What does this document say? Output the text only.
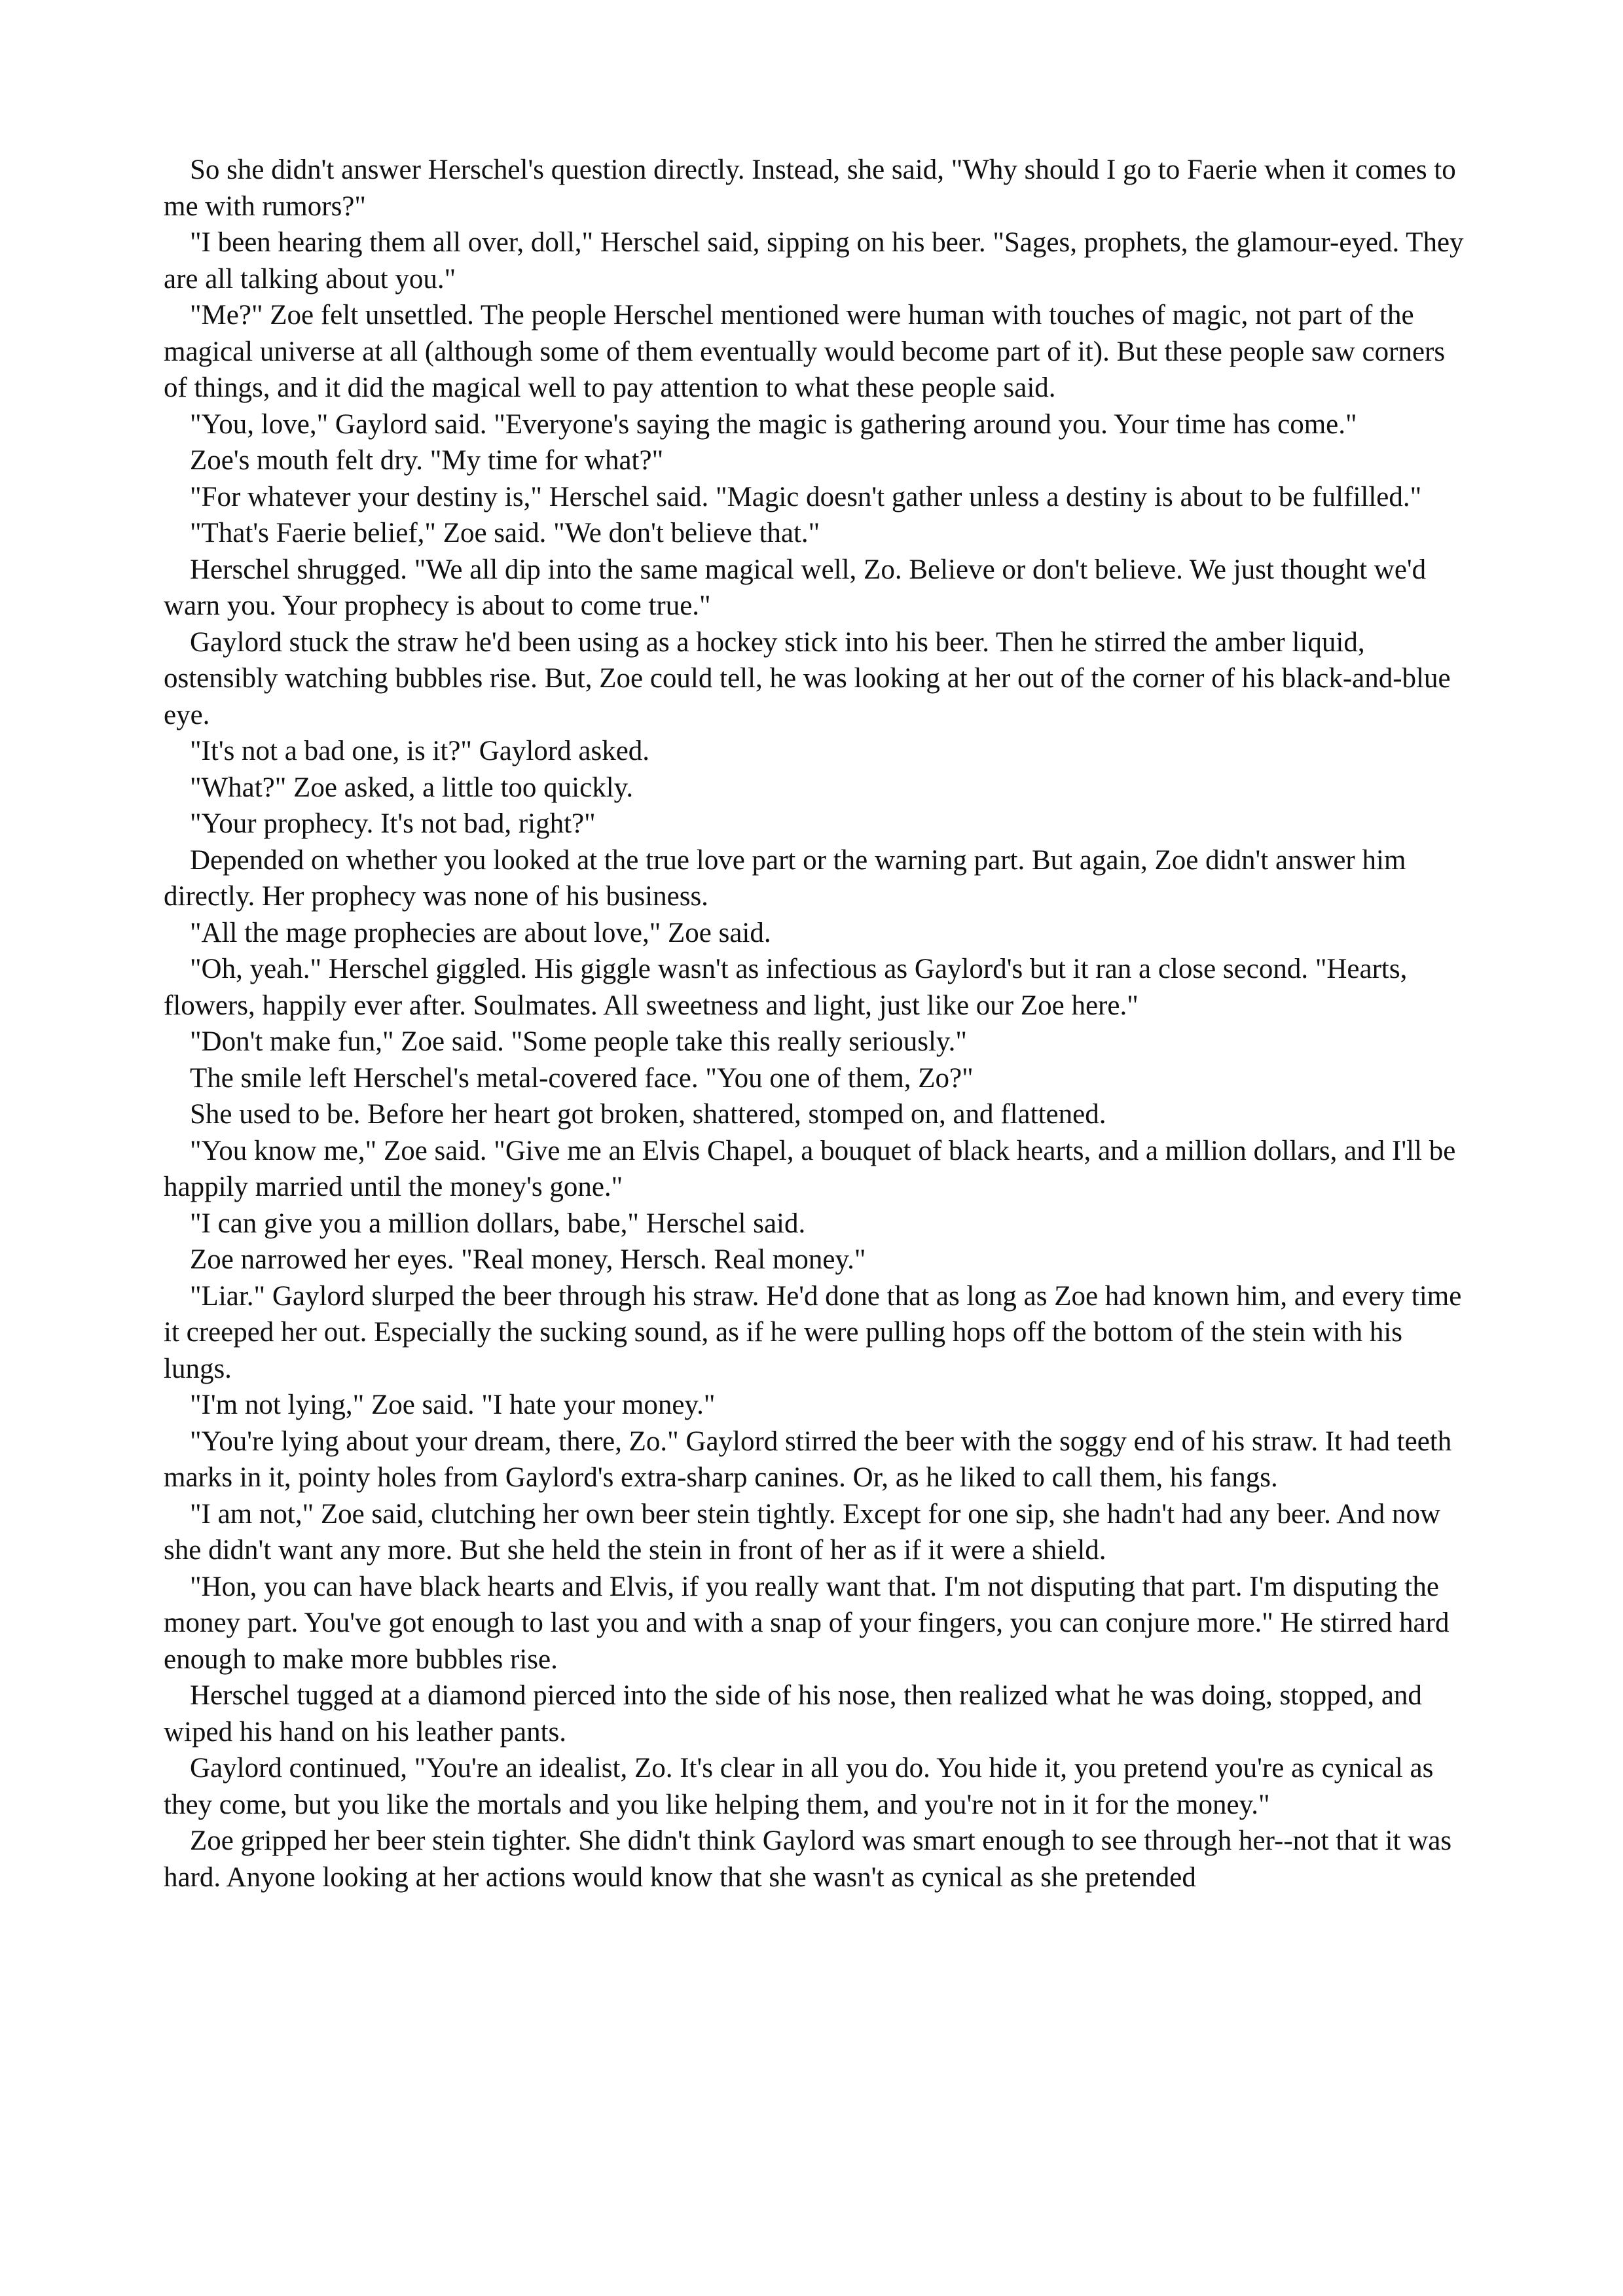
So she didn't answer Herschel's question directly. Instead, she said, "Why should I go to Faerie when it comes to me with rumors?"

"I been hearing them all over, doll," Herschel said, sipping on his beer. "Sages, prophets, the glamour-eyed. They are all talking about you."

"Me?" Zoe felt unsettled. The people Herschel mentioned were human with touches of magic, not part of the magical universe at all (although some of them eventually would become part of it). But these people saw corners of things, and it did the magical well to pay attention to what these people said.

"You, love," Gaylord said. "Everyone's saying the magic is gathering around you. Your time has come."

Zoe's mouth felt dry. "My time for what?"

"For whatever your destiny is," Herschel said. "Magic doesn't gather unless a destiny is about to be fulfilled."

"That's Faerie belief," Zoe said. "We don't believe that."

Herschel shrugged. "We all dip into the same magical well, Zo. Believe or don't believe. We just thought we'd warn you. Your prophecy is about to come true."

Gaylord stuck the straw he'd been using as a hockey stick into his beer. Then he stirred the amber liquid, ostensibly watching bubbles rise. But, Zoe could tell, he was looking at her out of the corner of his black-and-blue eye.

"It's not a bad one, is it?" Gaylord asked.

"What?" Zoe asked, a little too quickly.

"Your prophecy. It's not bad, right?"

Depended on whether you looked at the true love part or the warning part. But again, Zoe didn't answer him directly. Her prophecy was none of his business.

"All the mage prophecies are about love," Zoe said.

"Oh, yeah." Herschel giggled. His giggle wasn't as infectious as Gaylord's but it ran a close second. "Hearts, flowers, happily ever after. Soulmates. All sweetness and light, just like our Zoe here."

"Don't make fun," Zoe said. "Some people take this really seriously."

The smile left Herschel's metal-covered face. "You one of them, Zo?"

She used to be. Before her heart got broken, shattered, stomped on, and flattened.

"You know me," Zoe said. "Give me an Elvis Chapel, a bouquet of black hearts, and a million dollars, and I'll be happily married until the money's gone."

"I can give you a million dollars, babe," Herschel said.

Zoe narrowed her eyes. "Real money, Hersch. Real money."

"Liar." Gaylord slurped the beer through his straw. He'd done that as long as Zoe had known him, and every time it creeped her out. Especially the sucking sound, as if he were pulling hops off the bottom of the stein with his lungs.

"I'm not lying," Zoe said. "I hate your money."

"You're lying about your dream, there, Zo." Gaylord stirred the beer with the soggy end of his straw. It had teeth marks in it, pointy holes from Gaylord's extra-sharp canines. Or, as he liked to call them, his fangs.

"I am not," Zoe said, clutching her own beer stein tightly. Except for one sip, she hadn't had any beer. And now she didn't want any more. But she held the stein in front of her as if it were a shield.

"Hon, you can have black hearts and Elvis, if you really want that. I'm not disputing that part. I'm disputing the money part. You've got enough to last you and with a snap of your fingers, you can conjure more." He stirred hard enough to make more bubbles rise.

Herschel tugged at a diamond pierced into the side of his nose, then realized what he was doing, stopped, and wiped his hand on his leather pants.

Gaylord continued, "You're an idealist, Zo. It's clear in all you do. You hide it, you pretend you're as cynical as they come, but you like the mortals and you like helping them, and you're not in it for the money."

Zoe gripped her beer stein tighter. She didn't think Gaylord was smart enough to see through her--not that it was hard. Anyone looking at her actions would know that she wasn't as cynical as she pretended
